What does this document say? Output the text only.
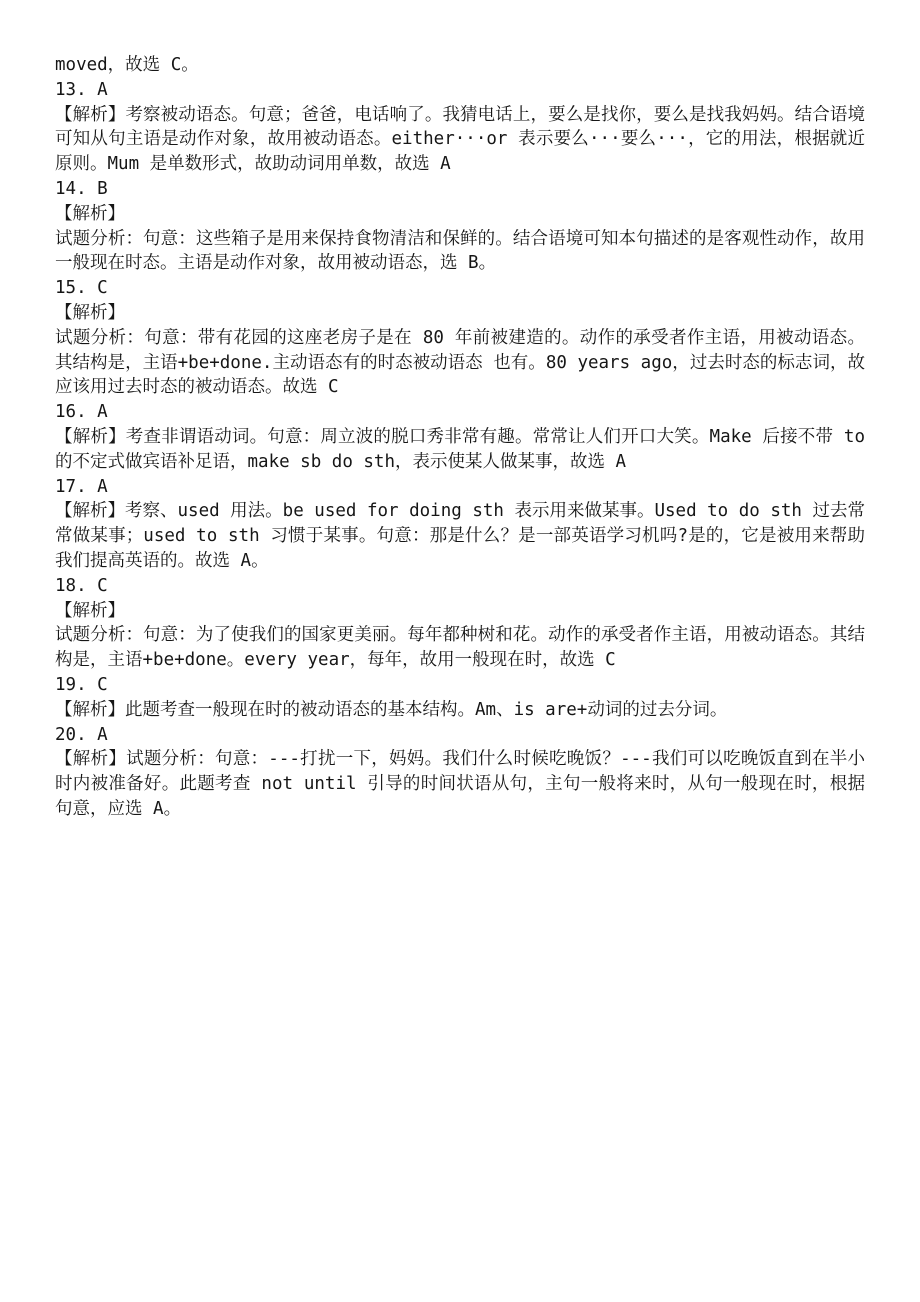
moved，故选 C。
13. A
【解析】考察被动语态。句意；爸爸，电话响了。我猜电话上，要么是找你，要么是找我妈妈。结合语境可知从句主语是动作对象，故用被动语态。either···or 表示要么···要么···，它的用法，根据就近原则。Mum 是单数形式，故助动词用单数，故选 A
14. B
【解析】
试题分析：句意：这些箱子是用来保持食物清洁和保鲜的。结合语境可知本句描述的是客观性动作，故用一般现在时态。主语是动作对象，故用被动语态，选 B。
15. C
【解析】
试题分析：句意：带有花园的这座老房子是在 80 年前被建造的。动作的承受者作主语，用被动语态。其结构是，主语+be+done.主动语态有的时态被动语态 也有。80 years ago，过去时态的标志词，故应该用过去时态的被动语态。故选 C
16. A
【解析】考查非谓语动词。句意：周立波的脱口秀非常有趣。常常让人们开口大笑。Make 后接不带 to 的不定式做宾语补足语，make sb do sth，表示使某人做某事，故选 A
17. A
【解析】考察、used 用法。be used for doing sth 表示用来做某事。Used to do sth 过去常常做某事；used to sth 习惯于某事。句意：那是什么？是一部英语学习机吗?是的，它是被用来帮助我们提高英语的。故选 A。
18. C
【解析】
试题分析：句意：为了使我们的国家更美丽。每年都种树和花。动作的承受者作主语，用被动语态。其结构是，主语+be+done。every year，每年，故用一般现在时，故选 C
19. C
【解析】此题考查一般现在时的被动语态的基本结构。Am、is are+动词的过去分词。
20. A
【解析】试题分析：句意：---打扰一下，妈妈。我们什么时候吃晚饭？---我们可以吃晚饭直到在半小时内被准备好。此题考查 not until 引导的时间状语从句，主句一般将来时，从句一般现在时，根据句意，应选 A。
